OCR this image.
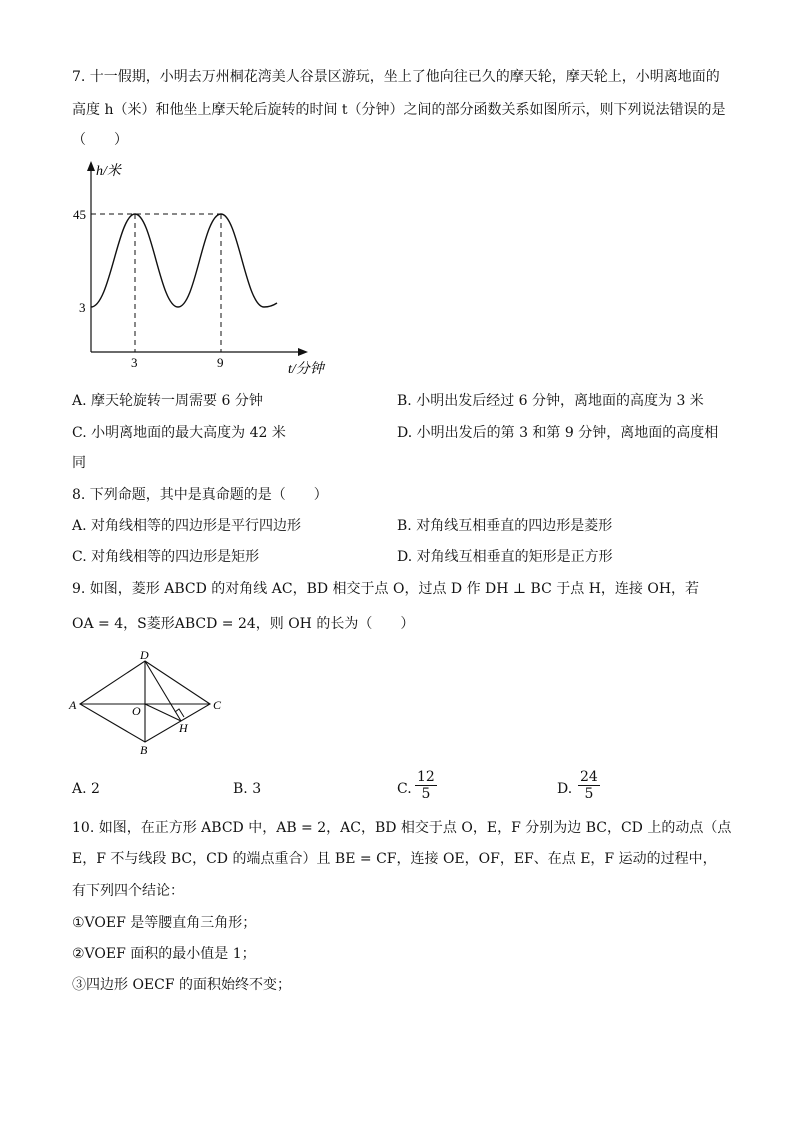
7. 十一假期，小明去万州桐花湾美人谷景区游玩，坐上了他向往已久的摩天轮，摩天轮上，小明离地面的
高度 h（米）和他坐上摩天轮后旋转的时间 t（分钟）之间的部分函数关系如图所示，则下列说法错误的是
（　　）
h/米
45
3
3	9	t/分钟
A. 摩天轮旋转一周需要 6 分钟	B. 小明出发后经过 6 分钟，离地面的高度为 3 米
C. 小明离地面的最大高度为 42 米	D. 小明出发后的第 3 和第 9 分钟，离地面的高度相
同
8. 下列命题，其中是真命题的是（　　）
A. 对角线相等的四边形是平行四边形	B. 对角线互相垂直的四边形是菱形
C. 对角线相等的四边形是矩形	D. 对角线互相垂直的矩形是正方形
9. 如图，菱形 ABCD 的对角线 AC，BD 相交于点 O，过点 D 作 DH ⊥ BC 于点 H，连接 OH，若
OA = 4，S菱形ABCD = 24，则 OH 的长为（　　）
D
A	O	C
H
B
A. 2	B. 3	C. $\frac{12}{5}$	D. $\frac{24}{5}$
10. 如图，在正方形 ABCD 中，AB = 2，AC，BD 相交于点 O，E，F 分别为边 BC，CD 上的动点（点
E，F 不与线段 BC，CD 的端点重合）且 BE = CF，连接 OE，OF，EF、在点 E，F 运动的过程中，
有下列四个结论：
①VOEF 是等腰直角三角形；
②VOEF 面积的最小值是 1；
③四边形 OECF 的面积始终不变；
